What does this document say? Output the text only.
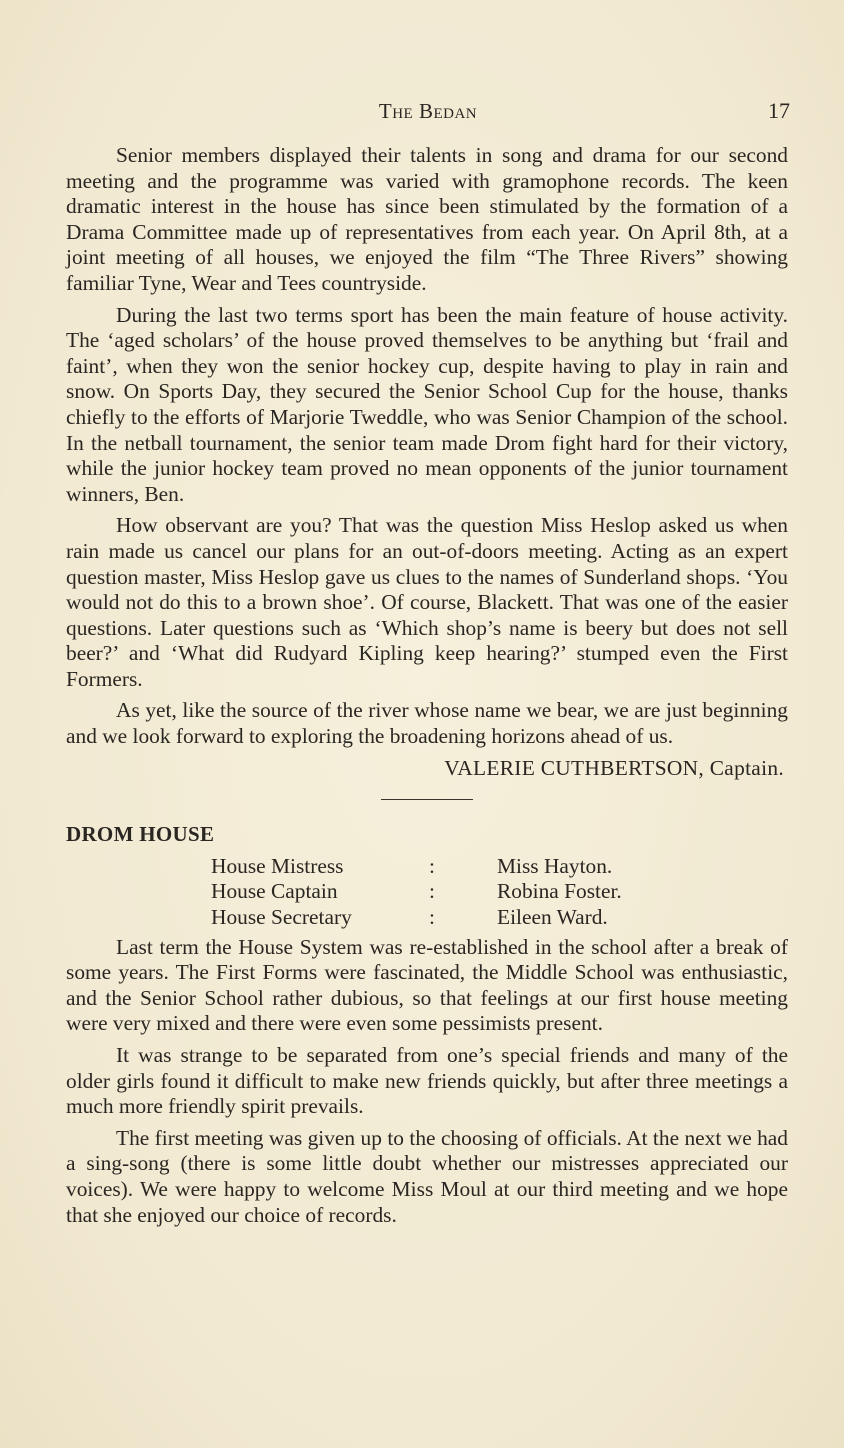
The Bedan	17

Senior members displayed their talents in song and drama for our second meeting and the programme was varied with gramophone records. The keen dramatic interest in the house has since been stimulated by the formation of a Drama Committee made up of representatives from each year. On April 8th, at a joint meeting of all houses, we enjoyed the film “The Three Rivers” showing familiar Tyne, Wear and Tees countryside.

During the last two terms sport has been the main feature of house activity. The ‘aged scholars’ of the house proved themselves to be anything but ‘frail and faint’, when they won the senior hockey cup, despite having to play in rain and snow. On Sports Day, they secured the Senior School Cup for the house, thanks chiefly to the efforts of Marjorie Tweddle, who was Senior Champion of the school. In the netball tournament, the senior team made Drom fight hard for their victory, while the junior hockey team proved no mean opponents of the junior tournament winners, Ben.

How observant are you? That was the question Miss Heslop asked us when rain made us cancel our plans for an out-of-doors meeting. Acting as an expert question master, Miss Heslop gave us clues to the names of Sunderland shops. ‘You would not do this to a brown shoe’. Of course, Blackett. That was one of the easier questions. Later questions such as ‘Which shop’s name is beery but does not sell beer?’ and ‘What did Rudyard Kipling keep hearing?’ stumped even the First Formers.

As yet, like the source of the river whose name we bear, we are just beginning and we look forward to exploring the broadening horizons ahead of us.

VALERIE CUTHBERTSON, Captain.
DROM HOUSE
House Mistress	:	Miss Hayton.
House Captain	:	Robina Foster.
House Secretary	:	Eileen Ward.

Last term the House System was re-established in the school after a break of some years. The First Forms were fascinated, the Middle School was enthusiastic, and the Senior School rather dubious, so that feelings at our first house meeting were very mixed and there were even some pessimists present.

It was strange to be separated from one’s special friends and many of the older girls found it difficult to make new friends quickly, but after three meetings a much more friendly spirit prevails.

The first meeting was given up to the choosing of officials. At the next we had a sing-song (there is some little doubt whether our mistresses appreciated our voices). We were happy to welcome Miss Moul at our third meeting and we hope that she enjoyed our choice of records.
